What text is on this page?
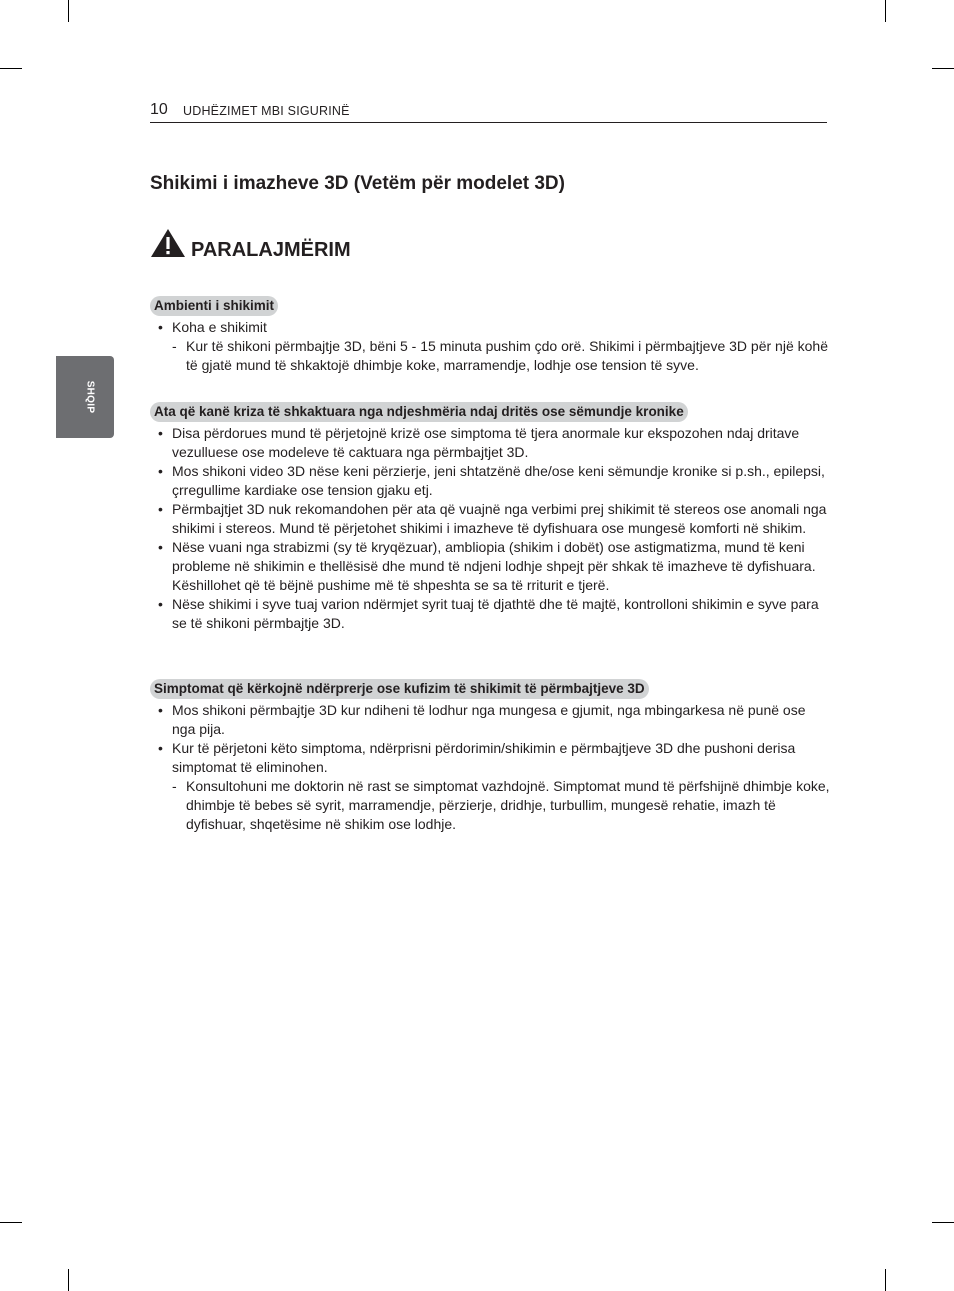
10 UDHËZIMET MBI SIGURINË
SHQIP
Shikimi i imazheve 3D (Vetëm për modelet 3D)
PARALAJMËRIM
Ambienti i shikimit
• Koha e shikimit
- Kur të shikoni përmbajtje 3D, bëni 5 - 15 minuta pushim çdo orë. Shikimi i përmbajtjeve 3D për një kohë të gjatë mund të shkaktojë dhimbje koke, marramendje, lodhje ose tension të syve.
Ata që kanë kriza të shkaktuara nga ndjeshmëria ndaj dritës ose sëmundje kronike
• Disa përdorues mund të përjetojnë krizë ose simptoma të tjera anormale kur ekspozohen ndaj dritave vezulluese ose modeleve të caktuara nga përmbajtjet 3D.
• Mos shikoni video 3D nëse keni përzierje, jeni shtatzënë dhe/ose keni sëmundje kronike si p.sh., epilepsi, çrregullime kardiake ose tension gjaku etj.
• Përmbajtjet 3D nuk rekomandohen për ata që vuajnë nga verbimi prej shikimit të stereos ose anomali nga shikimi i stereos. Mund të përjetohet shikimi i imazheve të dyfishuara ose mungesë komforti në shikim.
• Nëse vuani nga strabizmi (sy të kryqëzuar), ambliopia (shikim i dobët) ose astigmatizma, mund të keni probleme në shikimin e thellësisë dhe mund të ndjeni lodhje shpejt për shkak të imazheve të dyfishuara. Këshillohet që të bëjnë pushime më të shpeshta se sa të rriturit e tjerë.
• Nëse shikimi i syve tuaj varion ndërmjet syrit tuaj të djathtë dhe të majtë, kontrolloni shikimin e syve para se të shikoni përmbajtje 3D.
Simptomat që kërkojnë ndërprerje ose kufizim të shikimit të përmbajtjeve 3D
• Mos shikoni përmbajtje 3D kur ndiheni të lodhur nga mungesa e gjumit, nga mbingarkesa në punë ose nga pija.
• Kur të përjetoni këto simptoma, ndërprisni përdorimin/shikimin e përmbajtjeve 3D dhe pushoni derisa simptomat të eliminohen.
- Konsultohuni me doktorin në rast se simptomat vazhdojnë. Simptomat mund të përfshijnë dhimbje koke, dhimbje të bebes së syrit, marramendje, përzierje, dridhje, turbullim, mungesë rehatie, imazh të dyfishuar, shqetësime në shikim ose lodhje.
